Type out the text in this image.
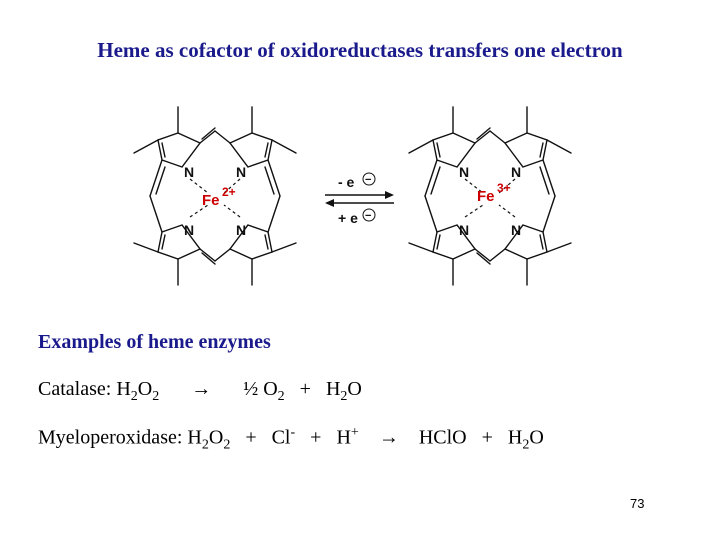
Heme as cofactor of oxidoreductases transfers one electron
N	N
N	N
Fe 2+
- e −
+ e −
N	N
N	N
Fe 3+
Examples of heme enzymes
Catalase: $H_2O_2$ → ½ $O_2 + H_2O$
Myeloperoxidase: $H_2O_2 + Cl^- + H^+$ → HClO + $H_2O$
73
